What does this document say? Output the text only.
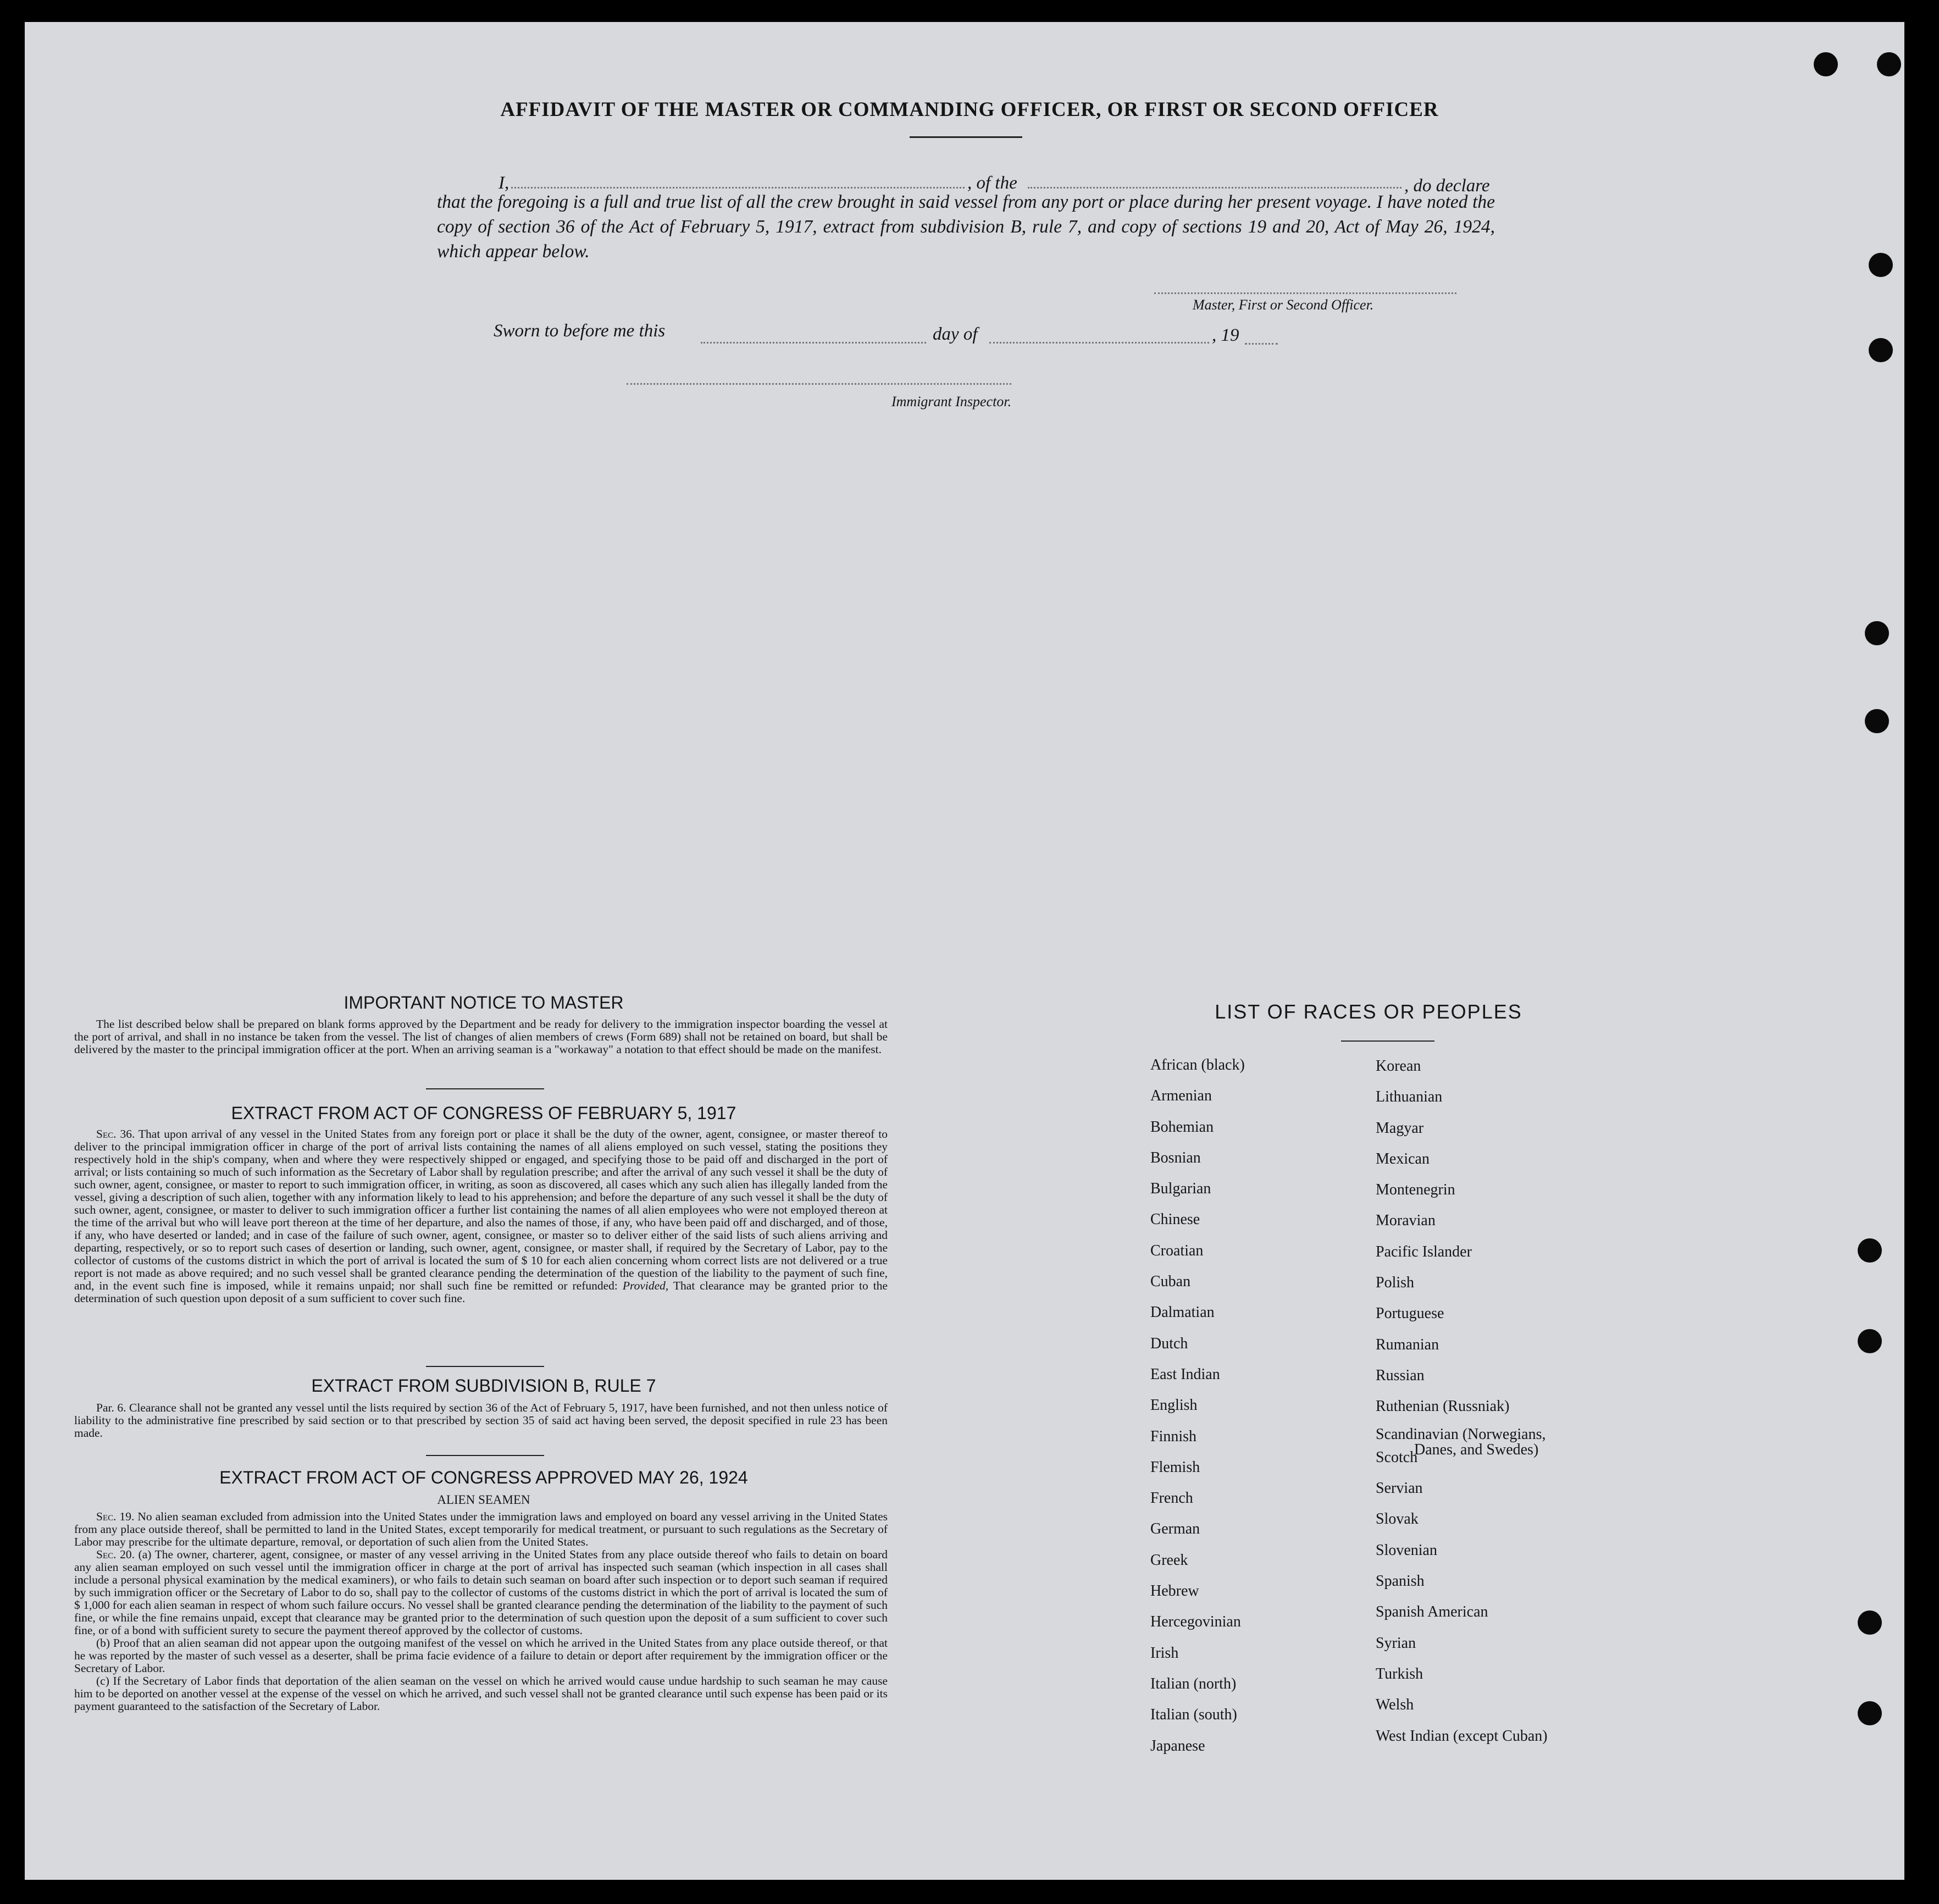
AFFIDAVIT OF THE MASTER OR COMMANDING OFFICER, OR FIRST OR SECOND OFFICER
I,	, of the	, do declare
that the foregoing is a full and true list of all the crew brought in said vessel from any port or place during her present voyage. I have noted the copy of section 36 of the Act of February 5, 1917, extract from subdivision B, rule 7, and copy of sections 19 and 20, Act of May 26, 1924, which appear below.
Master, First or Second Officer.
Sworn to before me this	day of	, 19
Immigrant Inspector.
IMPORTANT NOTICE TO MASTER
The list described below shall be prepared on blank forms approved by the Department and be ready for delivery to the immigration inspector boarding the vessel at the port of arrival, and shall in no instance be taken from the vessel. The list of changes of alien members of crews (Form 689) shall not be retained on board, but shall be delivered by the master to the principal immigration officer at the port. When an arriving seaman is a "workaway" a notation to that effect should be made on the manifest.
EXTRACT FROM ACT OF CONGRESS OF FEBRUARY 5, 1917
Sec. 36. That upon arrival of any vessel in the United States from any foreign port or place it shall be the duty of the owner, agent, consignee, or master thereof to deliver to the principal immigration officer in charge of the port of arrival lists containing the names of all aliens employed on such vessel, stating the positions they respectively hold in the ship's company, when and where they were respectively shipped or engaged, and specifying those to be paid off and discharged in the port of arrival; or lists containing so much of such information as the Secretary of Labor shall by regulation prescribe; and after the arrival of any such vessel it shall be the duty of such owner, agent, consignee, or master to report to such immigration officer, in writing, as soon as discovered, all cases which any such alien has illegally landed from the vessel, giving a description of such alien, together with any information likely to lead to his apprehension; and before the departure of any such vessel it shall be the duty of such owner, agent, consignee, or master to deliver to such immigration officer a further list containing the names of all alien employees who were not employed thereon at the time of the arrival but who will leave port thereon at the time of her departure, and also the names of those, if any, who have been paid off and discharged, and of those, if any, who have deserted or landed; and in case of the failure of such owner, agent, consignee, or master so to deliver either of the said lists of such aliens arriving and departing, respectively, or so to report such cases of desertion or landing, such owner, agent, consignee, or master shall, if required by the Secretary of Labor, pay to the collector of customs of the customs district in which the port of arrival is located the sum of $ 10 for each alien concerning whom correct lists are not delivered or a true report is not made as above required; and no such vessel shall be granted clearance pending the determination of the question of the liability to the payment of such fine, and, in the event such fine is imposed, while it remains unpaid; nor shall such fine be remitted or refunded: Provided, That clearance may be granted prior to the determination of such question upon deposit of a sum sufficient to cover such fine.
EXTRACT FROM SUBDIVISION B, RULE 7
Par. 6. Clearance shall not be granted any vessel until the lists required by section 36 of the Act of February 5, 1917, have been furnished, and not then unless notice of liability to the administrative fine prescribed by said section or to that prescribed by section 35 of said act having been served, the deposit specified in rule 23 has been made.
EXTRACT FROM ACT OF CONGRESS APPROVED MAY 26, 1924
ALIEN SEAMEN

Sec. 19. No alien seaman excluded from admission into the United States under the immigration laws and employed on board any vessel arriving in the United States from any place outside thereof, shall be permitted to land in the United States, except temporarily for medical treatment, or pursuant to such regulations as the Secretary of Labor may prescribe for the ultimate departure, removal, or deportation of such alien from the United States.

Sec. 20. (a) The owner, charterer, agent, consignee, or master of any vessel arriving in the United States from any place outside thereof who fails to detain on board any alien seaman employed on such vessel until the immigration officer in charge at the port of arrival has inspected such seaman (which inspection in all cases shall include a personal physical examination by the medical examiners), or who fails to detain such seaman on board after such inspection or to deport such seaman if required by such immigration officer or the Secretary of Labor to do so, shall pay to the collector of customs of the customs district in which the port of arrival is located the sum of $ 1,000 for each alien seaman in respect of whom such failure occurs. No vessel shall be granted clearance pending the determination of the liability to the payment of such fine, or while the fine remains unpaid, except that clearance may be granted prior to the determination of such question upon the deposit of a sum sufficient to cover such fine, or of a bond with sufficient surety to secure the payment thereof approved by the collector of customs.

(b) Proof that an alien seaman did not appear upon the outgoing manifest of the vessel on which he arrived in the United States from any place outside thereof, or that he was reported by the master of such vessel as a deserter, shall be prima facie evidence of a failure to detain or deport after requirement by the immigration officer or the Secretary of Labor.

(c) If the Secretary of Labor finds that deportation of the alien seaman on the vessel on which he arrived would cause undue hardship to such seaman he may cause him to be deported on another vessel at the expense of the vessel on which he arrived, and such vessel shall not be granted clearance until such expense has been paid or its payment guaranteed to the satisfaction of the Secretary of Labor.

LIST OF RACES OR PEOPLES
African (black)
Armenian
Bohemian
Bosnian
Bulgarian
Chinese
Croatian
Cuban
Dalmatian
Dutch
East Indian
English
Finnish
Flemish
French
German
Greek
Hebrew
Hercegovinian
Irish
Italian (north)
Italian (south)
Japanese
Korean
Lithuanian
Magyar
Mexican
Montenegrin
Moravian
Pacific Islander
Polish
Portuguese
Rumanian
Russian
Ruthenian (Russniak)
Scandinavian (Norwegians,
Danes, and Swedes)
Scotch
Servian
Slovak
Slovenian
Spanish
Spanish American
Syrian
Turkish
Welsh
West Indian (except Cuban)
